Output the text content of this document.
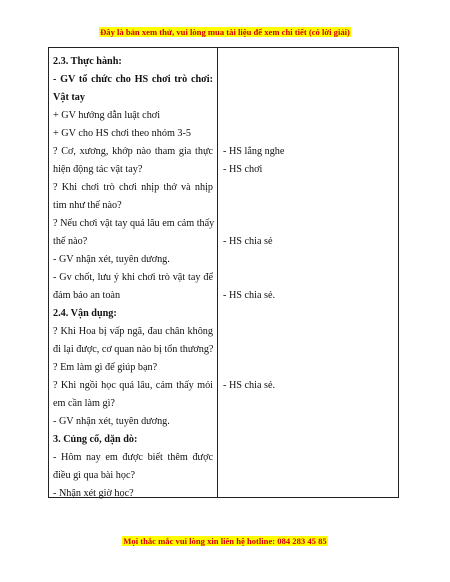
Đây là bản xem thử, vui lòng mua tài liệu để xem chi tiết (có lời giải)
2.3. Thực hành:
- GV tổ chức cho HS chơi trò chơi:
Vật tay
+ GV hướng dẫn luật chơi
+ GV cho HS chơi theo nhóm 3-5
? Cơ, xương, khớp nào tham gia thực
hiện động tác vật tay?
? Khi chơi trò chơi nhịp thở và nhịp
tim như thế nào?
? Nếu chơi vật tay quá lâu em cảm thấy
thế nào?
- GV nhận xét, tuyên dương.
- Gv chốt, lưu ý khi chơi trò vật tay để
đảm bảo an toàn
2.4. Vận dụng:
? Khi Hoa bị vấp ngã, đau chân không
đi lại được, cơ quan nào bị tổn thương?
? Em làm gì để giúp bạn?
? Khi ngồi học quá lâu, cảm thấy mỏi
em cần làm gì?
- GV nhận xét, tuyên dương.
3. Củng cố, dặn dò:
- Hôm nay em được biết thêm được
điều gì qua bài học?
- Nhận xét giờ học?
- HS lắng nghe
- HS chơi
- HS chia sẻ
- HS chia sẻ.
- HS chia sẻ.
Mọi thắc mắc vui lòng xin liên hệ hotline: 084 283 45 85
